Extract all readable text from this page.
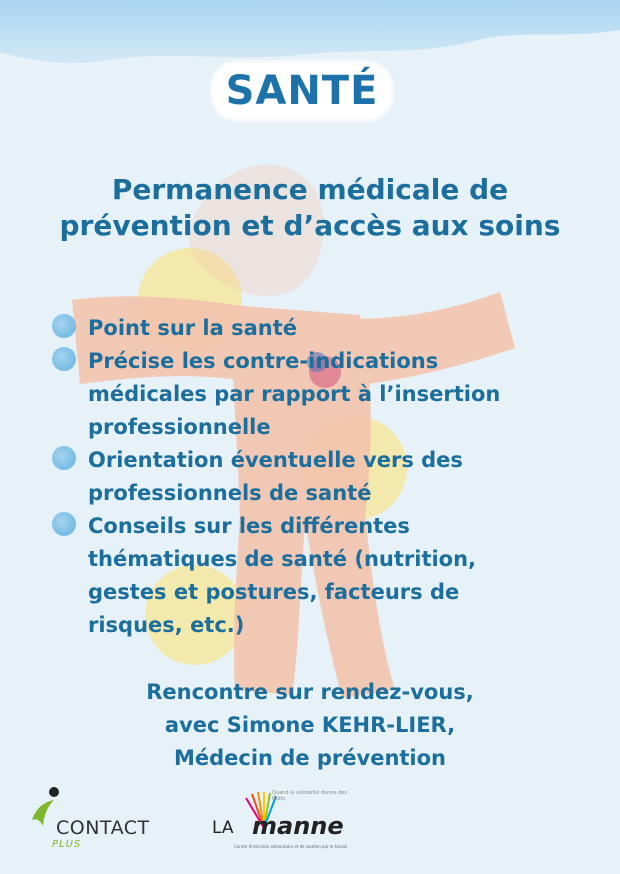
SANTÉ
Permanence médicale de
prévention et d’accès aux soins
Point sur la santé
Précise les contre-indications
médicales par rapport à l’insertion
professionnelle
Orientation éventuelle vers des
professionnels de santé
Conseils sur les différentes
thématiques de santé (nutrition,
gestes et postures, facteurs de
risques, etc.)
Rencontre sur rendez-vous,
avec Simone KEHR-LIER,
Médecin de prévention
CONTACT
PLUS
Quand la solidarité donne des fruits
LA manne
Centre d'entraide alimentaire et de soutien par le travail
